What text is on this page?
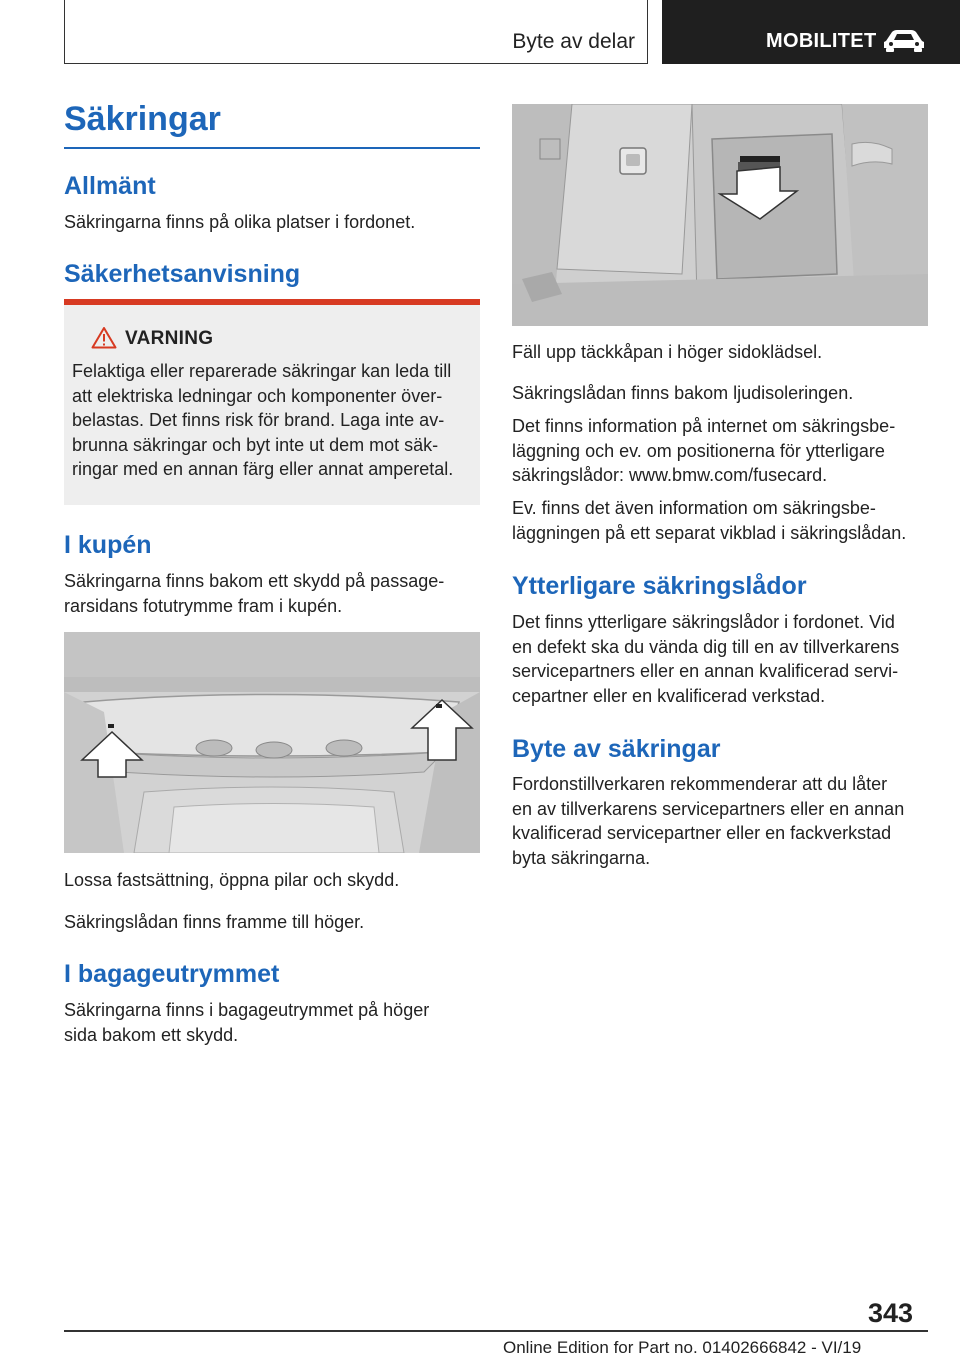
Byte av delar	MOBILITET
Säkringar
Allmänt

Säkringarna finns på olika platser i fordonet.

Säkerhetsanvisning
VARNING
Felaktiga eller reparerade säkringar kan leda till
att elektriska ledningar och komponenter över-
belastas. Det finns risk för brand. Laga inte av-
brunna säkringar och byt inte ut dem mot säk-
ringar med en annan färg eller annat amperetal.
I kupén
Säkringarna finns bakom ett skydd på passage-
rarsidans fotutrymme fram i kupén.

Lossa fastsättning, öppna pilar och skydd.

Säkringslådan finns framme till höger.

I bagageutrymmet
Säkringarna finns i bagageutrymmet på höger
sida bakom ett skydd.

Fäll upp täckkåpan i höger sidoklädsel.

Säkringslådan finns bakom ljudisoleringen.

Det finns information på internet om säkringsbe-
läggning och ev. om positionerna för ytterligare
säkringslådor: www.bmw.com/fusecard.
Ev. finns det även information om säkringsbe-
läggningen på ett separat vikblad i säkringslådan.
Ytterligare säkringslådor
Det finns ytterligare säkringslådor i fordonet. Vid
en defekt ska du vända dig till en av tillverkarens
servicepartners eller en annan kvalificerad servi-
cepartner eller en kvalificerad verkstad.
Byte av säkringar
Fordonstillverkaren rekommenderar att du låter
en av tillverkarens servicepartners eller en annan
kvalificerad servicepartner eller en fackverkstad
byta säkringarna.
343
Online Edition for Part no. 01402666842 - VI/19
